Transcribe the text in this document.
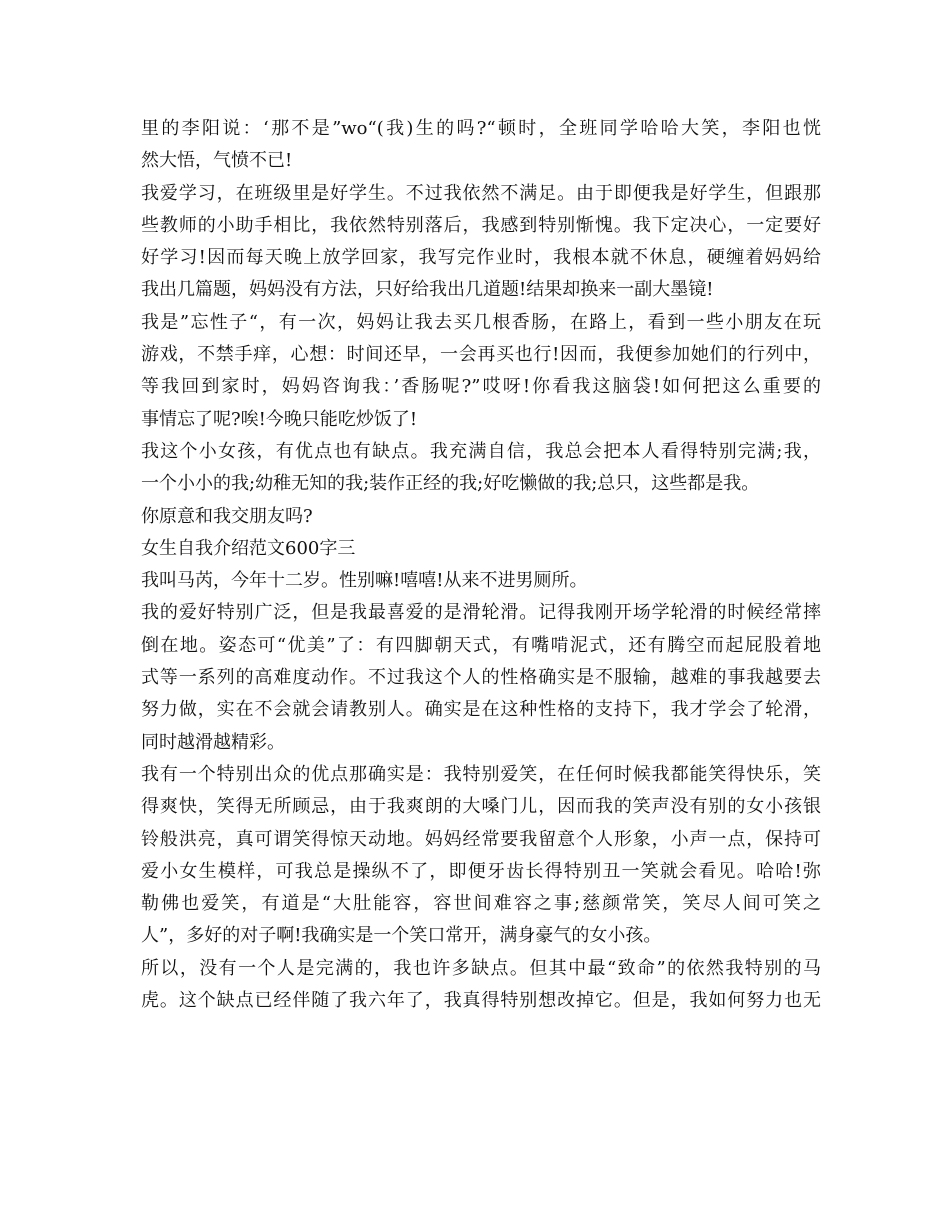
里的李阳说：‘那不是”wo“(我)生的吗?“顿时，全班同学哈哈大笑，李阳也恍
然大悟，气愤不已!
我爱学习，在班级里是好学生。不过我依然不满足。由于即便我是好学生，但跟那
些教师的小助手相比，我依然特别落后，我感到特别惭愧。我下定决心，一定要好
好学习!因而每天晚上放学回家，我写完作业时，我根本就不休息，硬缠着妈妈给
我出几篇题，妈妈没有方法，只好给我出几道题!结果却换来一副大墨镜!
我是”忘性子“，有一次，妈妈让我去买几根香肠，在路上，看到一些小朋友在玩
游戏，不禁手痒，心想：时间还早，一会再买也行!因而，我便参加她们的行列中，
等我回到家时，妈妈咨询我：’香肠呢?”哎呀!你看我这脑袋!如何把这么重要的
事情忘了呢?唉!今晚只能吃炒饭了!
我这个小女孩，有优点也有缺点。我充满自信，我总会把本人看得特别完满;我，
一个小小的我;幼稚无知的我;装作正经的我;好吃懒做的我;总只，这些都是我。
你原意和我交朋友吗?
女生自我介绍范文600字三
我叫马芮，今年十二岁。性别嘛!嘻嘻!从来不进男厕所。
我的爱好特别广泛，但是我最喜爱的是滑轮滑。记得我刚开场学轮滑的时候经常摔
倒在地。姿态可“优美”了：有四脚朝天式，有嘴啃泥式，还有腾空而起屁股着地
式等一系列的高难度动作。不过我这个人的性格确实是不服输，越难的事我越要去
努力做，实在不会就会请教别人。确实是在这种性格的支持下，我才学会了轮滑，
同时越滑越精彩。
我有一个特别出众的优点那确实是：我特别爱笑，在任何时候我都能笑得快乐，笑
得爽快，笑得无所顾忌，由于我爽朗的大嗓门儿，因而我的笑声没有别的女小孩银
铃般洪亮，真可谓笑得惊天动地。妈妈经常要我留意个人形象，小声一点，保持可
爱小女生模样，可我总是操纵不了，即便牙齿长得特别丑一笑就会看见。哈哈!弥
勒佛也爱笑，有道是“大肚能容，容世间难容之事;慈颜常笑，笑尽人间可笑之
人”，多好的对子啊!我确实是一个笑口常开，满身豪气的女小孩。
所以，没有一个人是完满的，我也许多缺点。但其中最“致命”的依然我特别的马
虎。这个缺点已经伴随了我六年了，我真得特别想改掉它。但是，我如何努力也无
